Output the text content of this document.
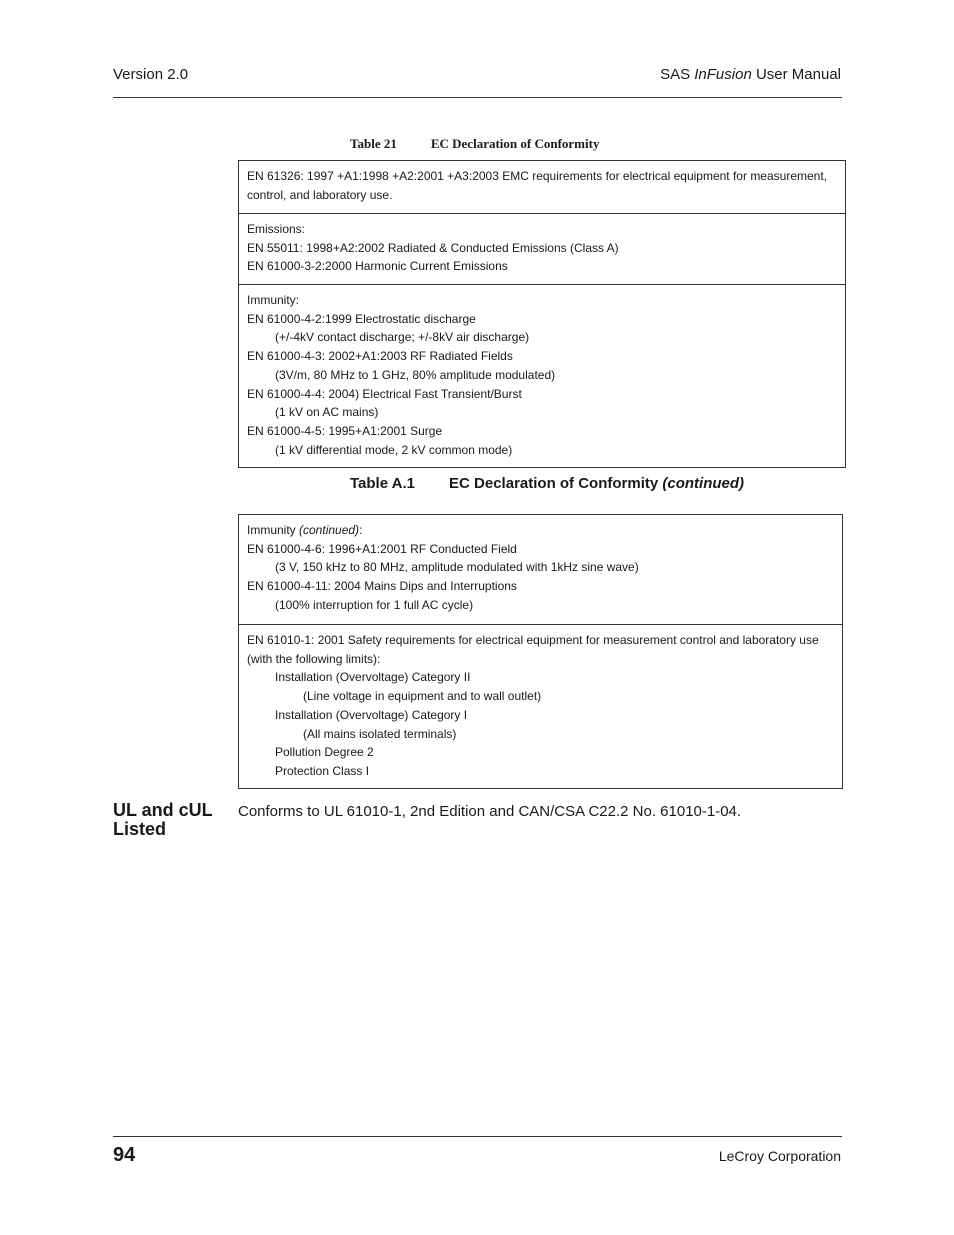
Version 2.0	SAS InFusion User Manual
Table 21	EC Declaration of Conformity
EN 61326: 1997 +A1:1998 +A2:2001 +A3:2003 EMC requirements for electrical equipment for measurement, control, and laboratory use.
Emissions:
EN 55011: 1998+A2:2002 Radiated & Conducted Emissions (Class A)
EN 61000-3-2:2000 Harmonic Current Emissions
Immunity:
EN 61000-4-2:1999 Electrostatic discharge
(+/-4kV contact discharge; +/-8kV air discharge)
EN 61000-4-3: 2002+A1:2003 RF Radiated Fields
(3V/m, 80 MHz to 1 GHz, 80% amplitude modulated)
EN 61000-4-4: 2004) Electrical Fast Transient/Burst
(1 kV on AC mains)
EN 61000-4-5: 1995+A1:2001 Surge
(1 kV differential mode, 2 kV common mode)
Table A.1 EC Declaration of Conformity (continued)
Immunity (continued):
EN 61000-4-6: 1996+A1:2001 RF Conducted Field
(3 V, 150 kHz to 80 MHz, amplitude modulated with 1kHz sine wave)
EN 61000-4-11: 2004 Mains Dips and Interruptions
(100% interruption for 1 full AC cycle)
EN 61010-1: 2001 Safety requirements for electrical equipment for measurement control and laboratory use (with the following limits):
Installation (Overvoltage) Category II
(Line voltage in equipment and to wall outlet)
Installation (Overvoltage) Category I
(All mains isolated terminals)
Pollution Degree 2
Protection Class I
UL and cUL Listed
Conforms to UL 61010-1, 2nd Edition and CAN/CSA C22.2 No. 61010-1-04.
94	LeCroy Corporation
